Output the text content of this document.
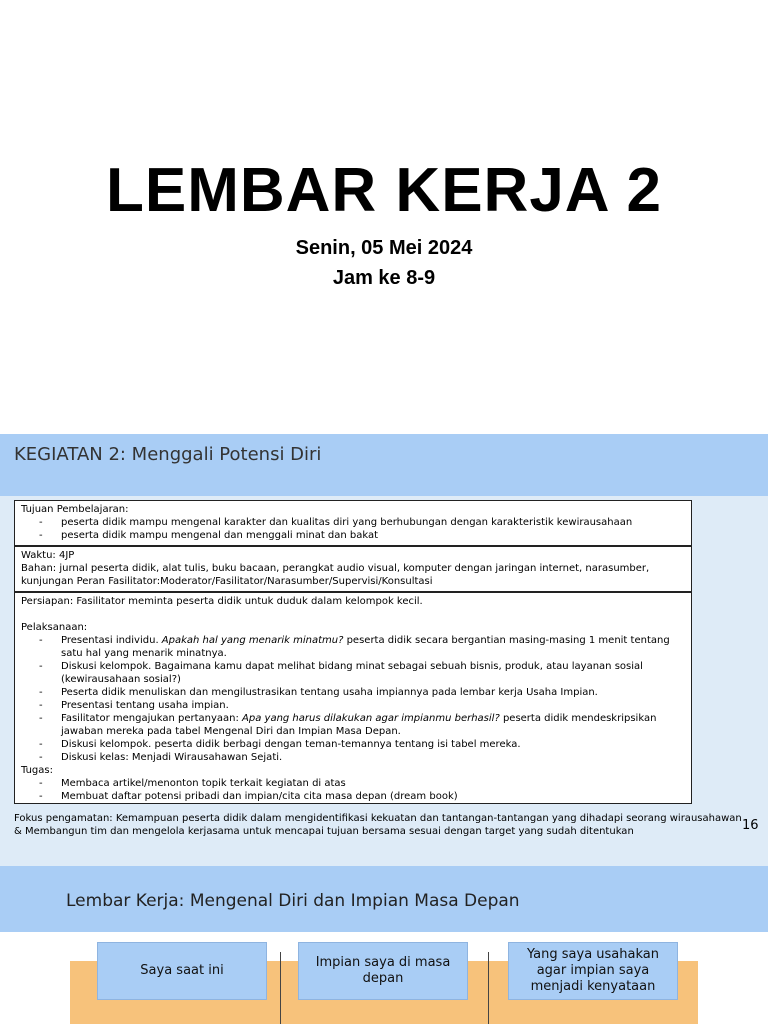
LEMBAR KERJA 2
Senin, 05 Mei 2024
Jam ke 8-9
KEGIATAN 2: Menggali Potensi Diri
Tujuan Pembelajaran:
- peserta didik mampu mengenal karakter dan kualitas diri yang berhubungan dengan karakteristik kewirausahaan
- peserta didik mampu mengenal dan menggali minat dan bakat
Waktu: 4JP
Bahan: jurnal peserta didik, alat tulis, buku bacaan, perangkat audio visual, komputer dengan jaringan internet, narasumber,
kunjungan Peran Fasilitator:Moderator/Fasilitator/Narasumber/Supervisi/Konsultasi
Persiapan: Fasilitator meminta peserta didik untuk duduk dalam kelompok kecil.
Pelaksanaan:
- Presentasi individu. Apakah hal yang menarik minatmu? peserta didik secara bergantian masing-masing 1 menit tentang
satu hal yang menarik minatnya.
- Diskusi kelompok. Bagaimana kamu dapat melihat bidang minat sebagai sebuah bisnis, produk, atau layanan sosial
(kewirausahaan sosial?)
- Peserta didik menuliskan dan mengilustrasikan tentang usaha impiannya pada lembar kerja Usaha Impian.
- Presentasi tentang usaha impian.
- Fasilitator mengajukan pertanyaan: Apa yang harus dilakukan agar impianmu berhasil? peserta didik mendeskripsikan
jawaban mereka pada tabel Mengenal Diri dan Impian Masa Depan.
- Diskusi kelompok. peserta didik berbagi dengan teman-temannya tentang isi tabel mereka.
- Diskusi kelas: Menjadi Wirausahawan Sejati.
Tugas:
- Membaca artikel/menonton topik terkait kegiatan di atas
- Membuat daftar potensi pribadi dan impian/cita cita masa depan (dream book)
Fokus pengamatan: Kemampuan peserta didik dalam mengidentifikasi kekuatan dan tantangan-tantangan yang dihadapi seorang wirausahawan
& Membangun tim dan mengelola kerjasama untuk mencapai tujuan bersama sesuai dengan target yang sudah ditentukan	16
Lembar Kerja: Mengenal Diri dan Impian Masa Depan
Saya saat ini
Impian saya di masa
depan
Yang saya usahakan
agar impian saya
menjadi kenyataan
